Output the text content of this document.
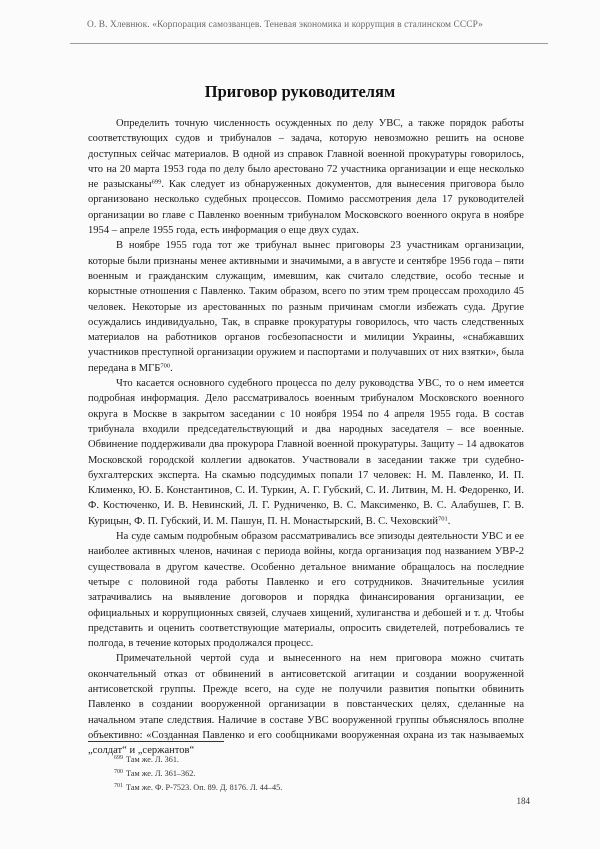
О. В. Хлевнюк. «Корпорация самозванцев. Теневая экономика и коррупция в сталинском СССР»
Приговор руководителям

Определить точную численность осужденных по делу УВС, а также порядок работы соответствующих судов и трибуналов – задача, которую невозможно решить на основе доступных сейчас материалов. В одной из справок Главной военной прокуратуры говорилось, что на 20 марта 1953 года по делу было арестовано 72 участника организации и еще несколько не разысканы$^{699}$. Как следует из обнаруженных документов, для вынесения приговора было организовано несколько судебных процессов. Помимо рассмотрения дела 17 руководителей организации во главе с Павленко военным трибуналом Московского военного округа в ноябре 1954 – апреле 1955 года, есть информация о еще двух судах.

В ноябре 1955 года тот же трибунал вынес приговоры 23 участникам организации, которые были признаны менее активными и значимыми, а в августе и сентябре 1956 года – пяти военным и гражданским служащим, имевшим, как считало следствие, особо тесные и корыстные отношения с Павленко. Таким образом, всего по этим трем процессам проходило 45 человек. Некоторые из арестованных по разным причинам смогли избежать суда. Другие осуждались индивидуально, Так, в справке прокуратуры говорилось, что часть следственных материалов на работников органов госбезопасности и милиции Украины, «снабжавших участников преступной организации оружием и паспортами и получавших от них взятки», была передана в МГБ$^{700}$.

Что касается основного судебного процесса по делу руководства УВС, то о нем имеется подробная информация. Дело рассматривалось военным трибуналом Московского военного округа в Москве в закрытом заседании с 10 ноября 1954 по 4 апреля 1955 года. В состав трибунала входили председательствующий и два народных заседателя – все военные. Обвинение поддерживали два прокурора Главной военной прокуратуры. Защиту – 14 адвокатов Московской городской коллегии адвокатов. Участвовали в заседании также три судебно-бухгалтерских эксперта. На скамью подсудимых попали 17 человек: Н. М. Павленко, И. П. Клименко, Ю. Б. Константинов, С. И. Туркин, А. Г. Губский, С. И. Литвин, М. Н. Федоренко, И. Ф. Костюченко, И. В. Невинский, Л. Г. Рудниченко, В. С. Максименко, В. С. Алабушев, Г. В. Курицын, Ф. П. Губский, И. М. Пашун, П. Н. Монастырский, В. С. Чеховский$^{701}$.

На суде самым подробным образом рассматривались все эпизоды деятельности УВС и ее наиболее активных членов, начиная с периода войны, когда организация под названием УВР-2 существовала в другом качестве. Особенно детальное внимание обращалось на последние четыре с половиной года работы Павленко и его сотрудников. Значительные усилия затрачивались на выявление договоров и порядка финансирования организации, ее официальных и коррупционных связей, случаев хищений, хулиганства и дебошей и т. д. Чтобы представить и оценить соответствующие материалы, опросить свидетелей, потребовались те полгода, в течение которых продолжался процесс.

Примечательной чертой суда и вынесенного на нем приговора можно считать окончательный отказ от обвинений в антисоветской агитации и создании вооруженной антисоветской группы. Прежде всего, на суде не получили развития попытки обвинить Павленко в создании вооруженной организации в повстанческих целях, сделанные на начальном этапе следствия. Наличие в составе УВС вооруженной группы объяснялось вполне объективно: «Созданная Павленко и его сообщниками вооруженная охрана из так называемых „солдат“ и „сержантов“

$^{699}$ Там же. Л. 361.
$^{700}$ Там же. Л. 361–362.
$^{701}$ Там же. Ф. Р-7523. Оп. 89. Д. 8176. Л. 44–45.
184
